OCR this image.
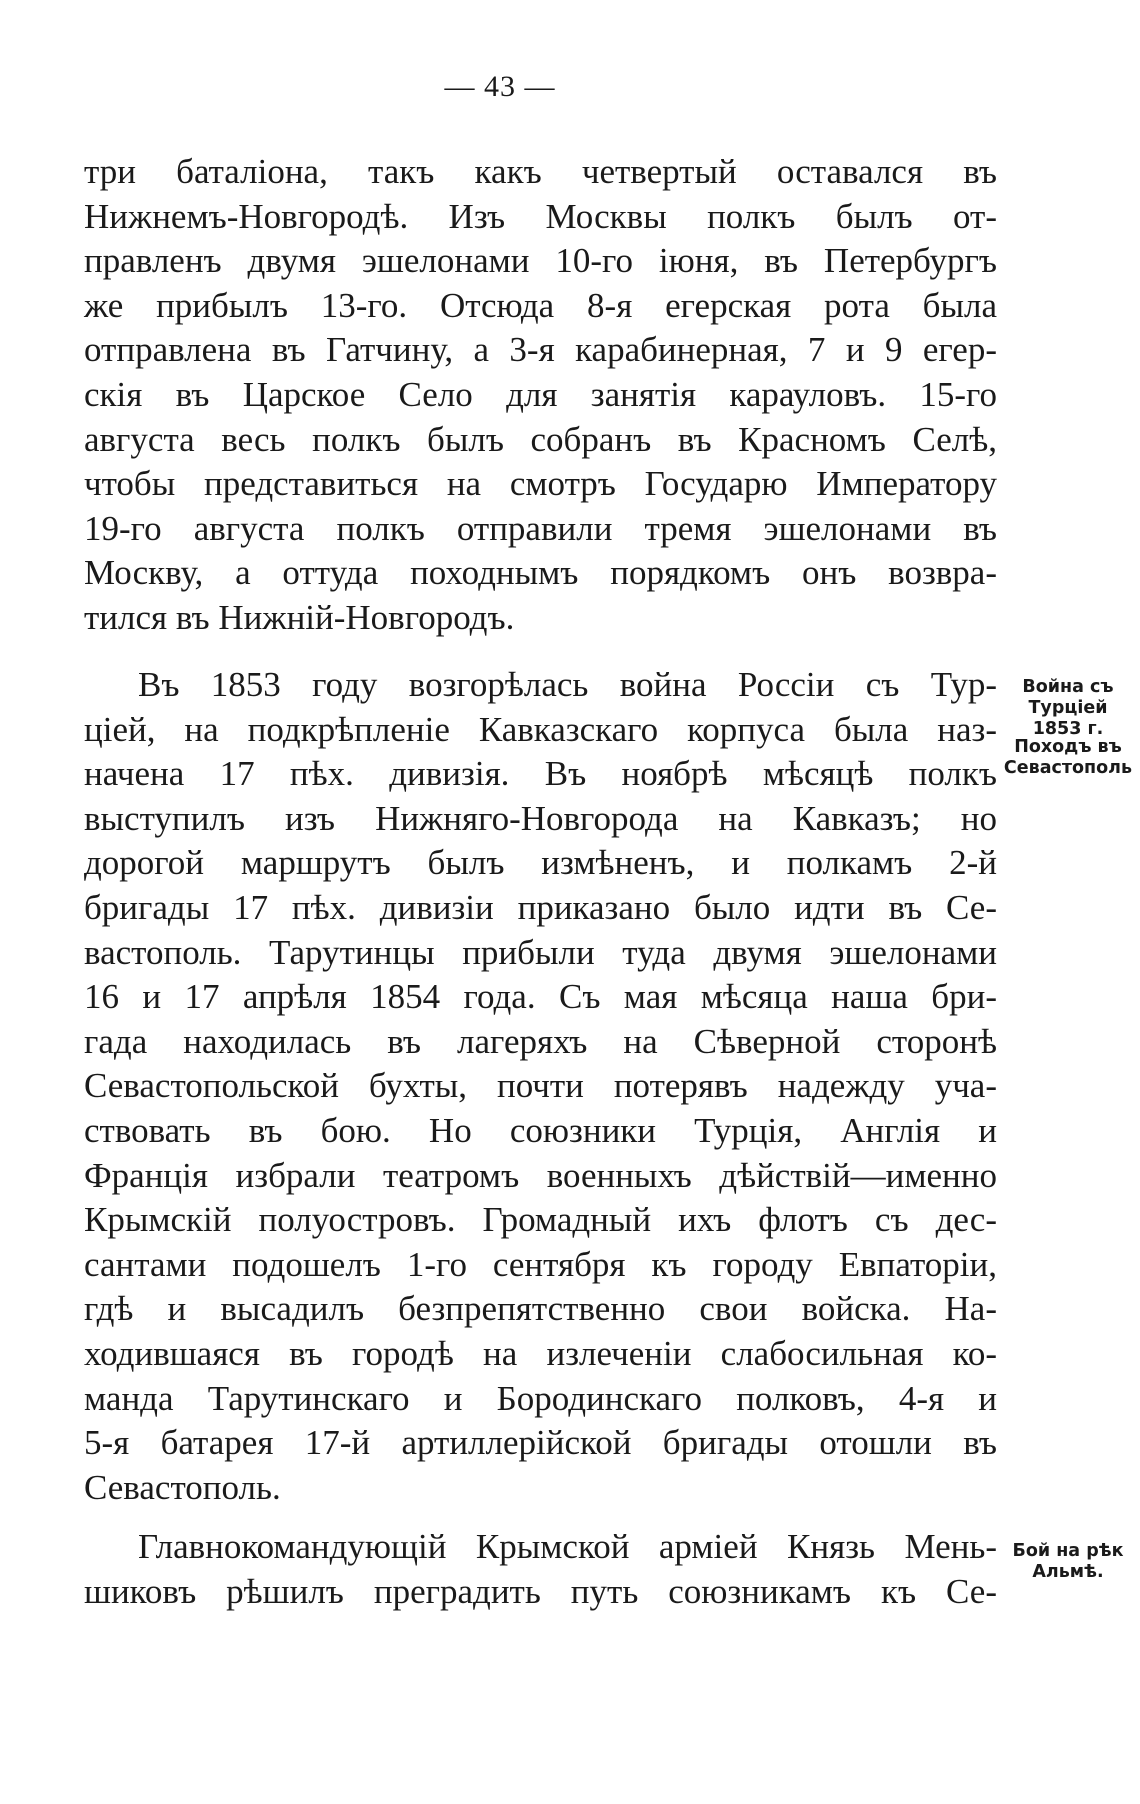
— 43 —
три баталіона, такъ какъ четвертый оставался въ
Нижнемъ-Новгородѣ. Изъ Москвы полкъ былъ от-
правленъ двумя эшелонами 10-го іюня, въ Петербургъ
же прибылъ 13-го. Отсюда 8-я егерская рота была
отправлена въ Гатчину, а 3-я карабинерная, 7 и 9 егер-
скія въ Царское Село для занятія карауловъ. 15-го
августа весь полкъ былъ собранъ въ Красномъ Селѣ,
чтобы представиться на смотръ Государю Императору
19-го августа полкъ отправили тремя эшелонами въ
Москву, а оттуда походнымъ порядкомъ онъ возвра-
тился въ Нижній-Новгородъ.
Въ 1853 году возгорѣлась война Россіи съ Тур-
ціей, на подкрѣпленіе Кавказскаго корпуса была наз-
начена 17 пѣх. дивизія. Въ ноябрѣ мѣсяцѣ полкъ
выступилъ изъ Нижняго-Новгорода на Кавказъ; но
дорогой маршрутъ былъ измѣненъ, и полкамъ 2-й
бригады 17 пѣх. дивизіи приказано было идти въ Се-
вастополь. Тарутинцы прибыли туда двумя эшелонами
16 и 17 апрѣля 1854 года. Съ мая мѣсяца наша бри-
гада находилась въ лагеряхъ на Сѣверной сторонѣ
Севастопольской бухты, почти потерявъ надежду уча-
ствовать въ бою. Но союзники Турція, Англія и
Франція избрали театромъ военныхъ дѣйствій—именно
Крымскій полуостровъ. Громадный ихъ флотъ съ дес-
сантами подошелъ 1-го сентября къ городу Евпаторіи,
гдѣ и высадилъ безпрепятственно свои войска. На-
ходившаяся въ городѣ на излеченіи слабосильная ко-
манда Тарутинскаго и Бородинскаго полковъ, 4-я и
5-я батарея 17-й артиллерійской бригады отошли въ
Севастополь.
Главнокомандующій Крымской арміей Князь Мень-
шиковъ рѣшилъ преградить путь союзникамъ къ Се-
Война съ
Турціей
1853 г.
Походъ въ
Севастополь
Бой на рѣк
Альмѣ.
